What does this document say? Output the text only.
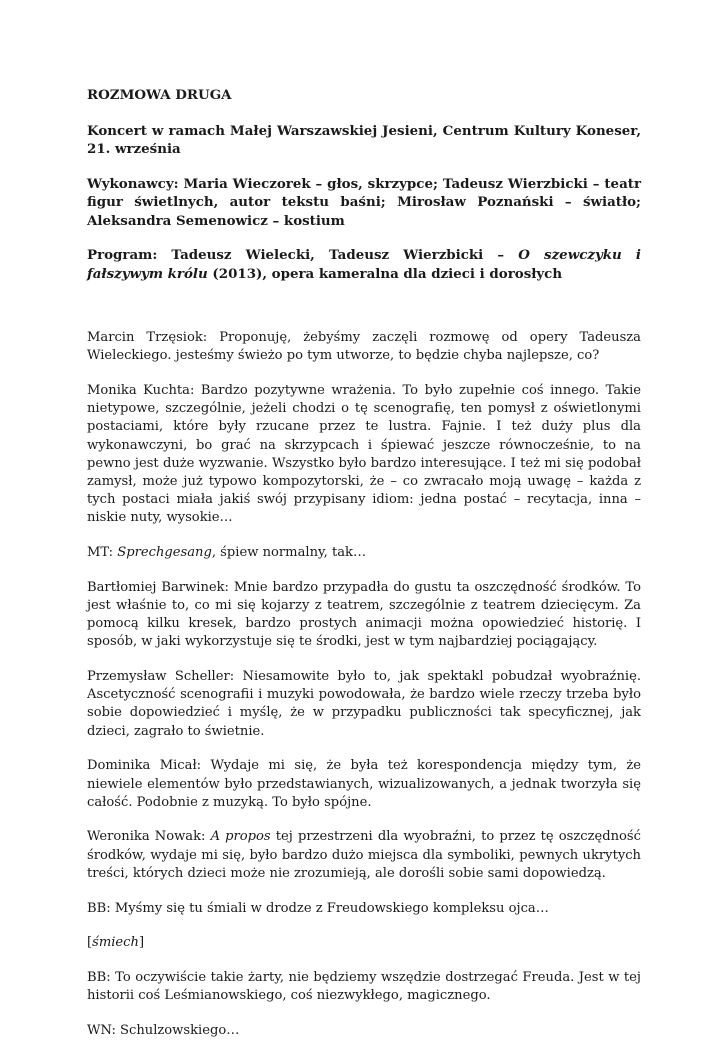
ROZMOWA DRUGA

Koncert w ramach Małej Warszawskiej Jesieni, Centrum Kultury Koneser, 21. września

Wykonawcy: Maria Wieczorek – głos, skrzypce; Tadeusz Wierzbicki – teatr figur świetlnych, autor tekstu baśni; Mirosław Poznański – światło; Aleksandra Semenowicz – kostium

Program: Tadeusz Wielecki, Tadeusz Wierzbicki – O szewczyku i fałszywym królu (2013), opera kameralna dla dzieci i dorosłych

Marcin Trzęsiok: Proponuję, żebyśmy zaczęli rozmowę od opery Tadeusza Wieleckiego. jesteśmy świeżo po tym utworze, to będzie chyba najlepsze, co?

Monika Kuchta: Bardzo pozytywne wrażenia. To było zupełnie coś innego. Takie nietypowe, szczególnie, jeżeli chodzi o tę scenografię, ten pomysł z oświetlonymi postaciami, które były rzucane przez te lustra. Fajnie. I też duży plus dla wykonawczyni, bo grać na skrzypcach i śpiewać jeszcze równocześnie, to na pewno jest duże wyzwanie. Wszystko było bardzo interesujące. I też mi się podobał zamysł, może już typowo kompozytorski, że – co zwracało moją uwagę – każda z tych postaci miała jakiś swój przypisany idiom: jedna postać – recytacja, inna – niskie nuty, wysokie…

MT: Sprechgesang, śpiew normalny, tak…

Bartłomiej Barwinek: Mnie bardzo przypadła do gustu ta oszczędność środków. To jest właśnie to, co mi się kojarzy z teatrem, szczególnie z teatrem dziecięcym. Za pomocą kilku kresek, bardzo prostych animacji można opowiedzieć historię. I sposób, w jaki wykorzystuje się te środki, jest w tym najbardziej pociągający.

Przemysław Scheller: Niesamowite było to, jak spektakl pobudzał wyobraźnię. Ascetyczność scenografii i muzyki powodowała, że bardzo wiele rzeczy trzeba było sobie dopowiedzieć i myślę, że w przypadku publiczności tak specyficznej, jak dzieci, zagrało to świetnie.

Dominika Micał: Wydaje mi się, że była też korespondencja między tym, że niewiele elementów było przedstawianych, wizualizowanych, a jednak tworzyła się całość. Podobnie z muzyką. To było spójne.

Weronika Nowak: A propos tej przestrzeni dla wyobraźni, to przez tę oszczędność środków, wydaje mi się, było bardzo dużo miejsca dla symboliki, pewnych ukrytych treści, których dzieci może nie zrozumieją, ale dorośli sobie sami dopowiedzą.

BB: Myśmy się tu śmiali w drodze z Freudowskiego kompleksu ojca…

[śmiech]

BB: To oczywiście takie żarty, nie będziemy wszędzie dostrzegać Freuda. Jest w tej historii coś Leśmianowskiego, coś niezwykłego, magicznego.

WN: Schulzowskiego…
